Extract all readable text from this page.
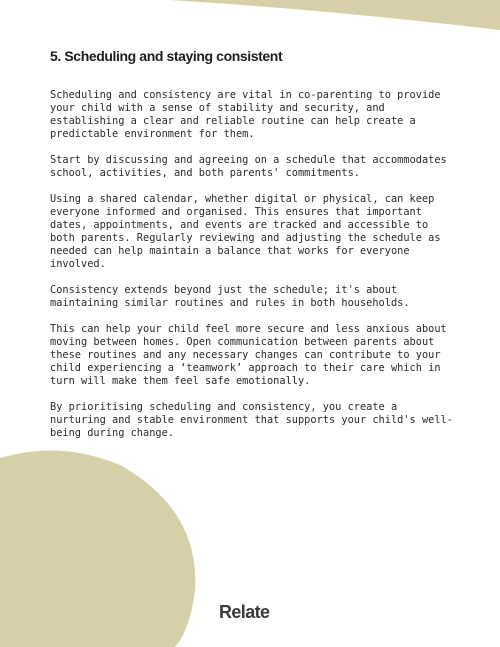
5. Scheduling and staying consistent

Scheduling and consistency are vital in co-parenting to provide your child with a sense of stability and security, and establishing a clear and reliable routine can help create a predictable environment for them.

Start by discussing and agreeing on a schedule that accommodates school, activities, and both parents' commitments.

Using a shared calendar, whether digital or physical, can keep everyone informed and organised. This ensures that important dates, appointments, and events are tracked and accessible to both parents. Regularly reviewing and adjusting the schedule as needed can help maintain a balance that works for everyone involved.

Consistency extends beyond just the schedule; it's about maintaining similar routines and rules in both households.

This can help your child feel more secure and less anxious about moving between homes. Open communication between parents about these routines and any necessary changes can contribute to your child experiencing a ‘teamwork’ approach to their care which in turn will make them feel safe emotionally.

By prioritising scheduling and consistency, you create a nurturing and stable environment that supports your child's well-being during change.

Relate
